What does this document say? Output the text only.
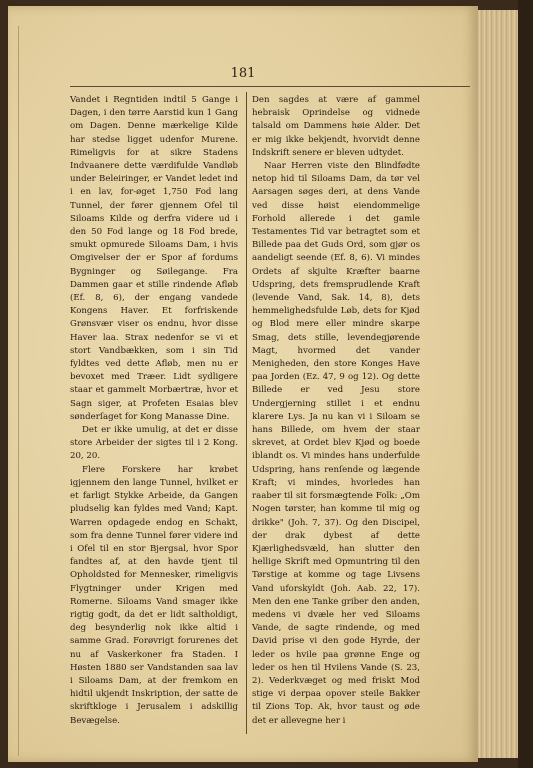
181

Vandet i Regntiden indtil 5 Gange i Dagen, i den tørre Aarstid kun 1 Gang om Dagen. Denne mærkelige Kilde har stedse ligget udenfor Murene. Rimeligvis for at sikre Stadens Indvaanere dette værdifulde Vandløb under Beleiringer, er Vandet ledet ind i en lav, for-øget 1,750 Fod lang Tunnel, der fører gjennem Ofel til Siloams Kilde og derfra videre ud i den 50 Fod lange og 18 Fod brede, smukt opmurede Siloams Dam, i hvis Omgivelser der er Spor af fordums Bygninger og Søilegange. Fra Dammen gaar et stille rindende Afløb (Ef. 8, 6), der engang vandede Kongens Haver. Et forfriskende Grønsvær viser os endnu, hvor disse Haver laa. Strax nedenfor se vi et stort Vandbækken, som i sin Tid fyldtes ved dette Afløb, men nu er bevoxet med Træer. Lidt sydligere staar et gammelt Morbærtræ, hvor et Sagn siger, at Profeten Esaias blev sønderſaget for Kong Manasse Dine.

Det er ikke umulig, at det er disse store Arbeider der sigtes til i 2 Kong. 20, 20.

Flere Forskere har krøbet igjennem den lange Tunnel, hvilket er et farligt Stykke Arbeide, da Gangen pludselig kan fyldes med Vand; Kapt. Warren opdagede endog en Schakt, som fra denne Tunnel fører videre ind i Ofel til en stor Bjergsal, hvor Spor fandtes af, at den havde tjent til Opholdsted for Mennesker, rimeligvis Flygtninger under Krigen med Romerne. Siloams Vand smager ikke rigtig godt, da det er lidt saltholdigt, deg besynderlig nok ikke altid i samme Grad. Forøvrigt forurenes det nu af Vaskerkoner fra Staden. I Høsten 1880 ser Vandstanden saa lav i Siloams Dam, at der fremkom en hidtil ukjendt Inskription, der satte de skriftkloge i Jerusalem i adskillig Bevægelse.

Den sagdes at være af gammel hebraisk Oprindelse og vidnede talsald om Dammens høie Alder. Det er mig ikke bekjendt, hvorvidt denne Indskrift senere er bleven udtydet.

Naar Herren viste den Blindfødte netop hid til Siloams Dam, da tør vel Aarsagen søges deri, at dens Vande ved disse høist eiendommelige Forhold allerede i det gamle Testamentes Tid var betragtet som et Billede paa det Guds Ord, som gjør os aandeligt seende (Ef. 8, 6). Vi mindes Ordets af skjulte Kræfter baarne Udspring, dets fremsprudlende Kraft (levende Vand, Sak. 14, 8), dets hemmelighedsfulde Løb, dets for Kjød og Blod mere eller mindre skarpe Smag, dets stille, levendegjørende Magt, hvormed det vander Menigheden, den store Konges Have paa Jorden (Ez. 47, 9 og 12). Og dette Billede er ved Jesu store Undergjerning stillet i et endnu klarere Lys. Ja nu kan vi i Siloam se hans Billede, om hvem der staar skrevet, at Ordet blev Kjød og boede iblandt os. Vi mindes hans underfulde Udspring, hans renſende og lægende Kraft; vi mindes, hvorledes han raaber til sit forsmægtende Folk: „Om Nogen tørster, han komme til mig og drikke" (Joh. 7, 37). Og den Discipel, der drak dybest af dette Kjærlighedsvæld, han slutter den hellige Skrift med Opmuntring til den Tørstige at komme og tage Livsens Vand uforskyldt (Joh. Aab. 22, 17). Men den ene Tanke griber den anden, medens vi dvæle her ved Siloams Vande, de sagte rindende, og med David prise vi den gode Hyrde, der leder os hvile paa grønne Enge og leder os hen til Hvilens Vande (S. 23, 2). Vederkvæget og med friskt Mod stige vi derpaa opover steile Bakker til Zions Top. Ak, hvor taust og øde det er allevegne her i
